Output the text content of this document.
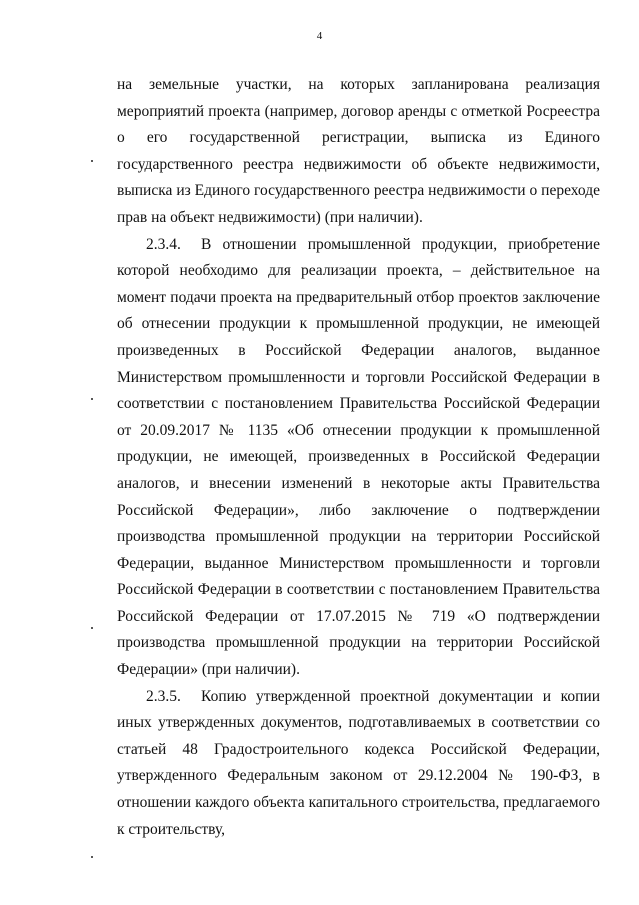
4

на земельные участки, на которых запланирована реализация мероприятий проекта (например, договор аренды с отметкой Росреестра о его государственной регистрации, выписка из Единого государственного реестра недвижимости об объекте недвижимости, выписка из Единого государственного реестра недвижимости о переходе прав на объект недвижимости) (при наличии).

2.3.4. В отношении промышленной продукции, приобретение которой необходимо для реализации проекта, – действительное на момент подачи проекта на предварительный отбор проектов заключение об отнесении продукции к промышленной продукции, не имеющей произведенных в Российской Федерации аналогов, выданное Министерством промышленности и торговли Российской Федерации в соответствии с постановлением Правительства Российской Федерации от 20.09.2017 № 1135 «Об отнесении продукции к промышленной продукции, не имеющей, произведенных в Российской Федерации аналогов, и внесении изменений в некоторые акты Правительства Российской Федерации», либо заключение о подтверждении производства промышленной продукции на территории Российской Федерации, выданное Министерством промышленности и торговли Российской Федерации в соответствии с постановлением Правительства Российской Федерации от 17.07.2015 № 719 «О подтверждении производства промышленной продукции на территории Российской Федерации» (при наличии).

2.3.5. Копию утвержденной проектной документации и копии иных утвержденных документов, подготавливаемых в соответствии со статьей 48 Градостроительного кодекса Российской Федерации, утвержденного Федеральным законом от 29.12.2004 № 190-ФЗ, в отношении каждого объекта капитального строительства, предлагаемого к строительству,
